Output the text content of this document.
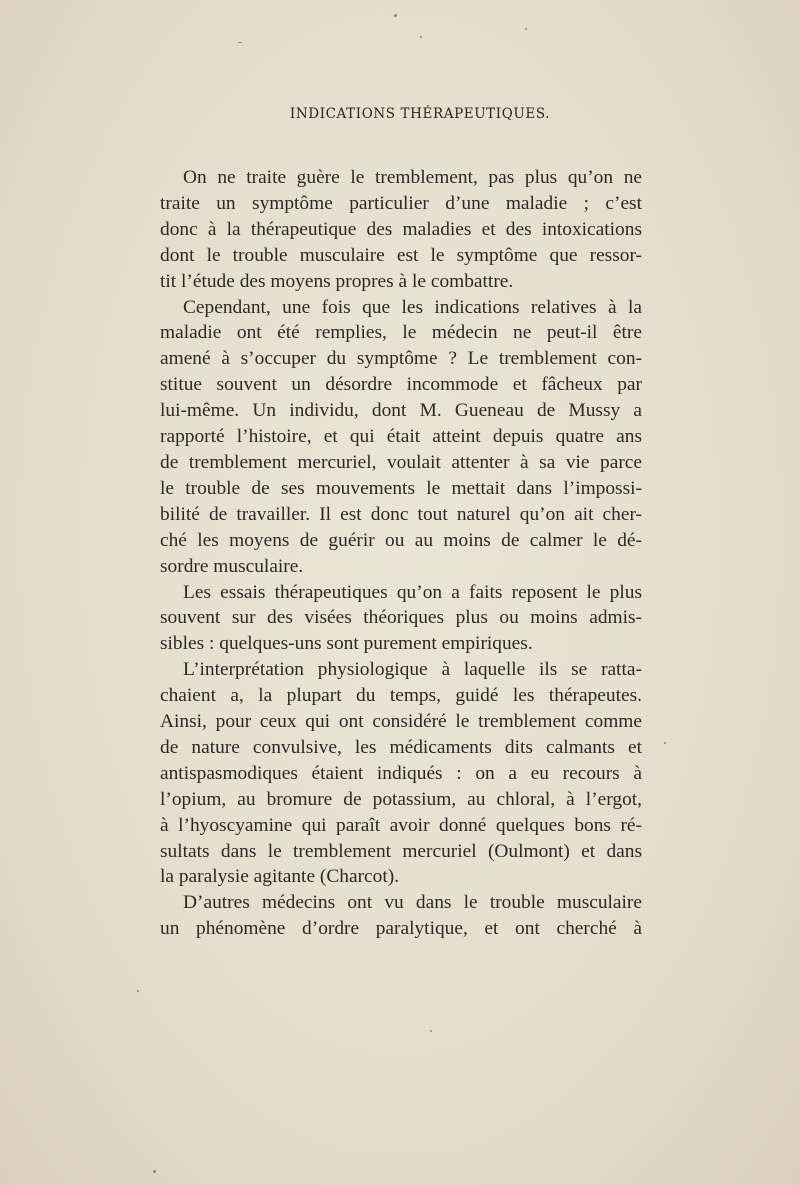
INDICATIONS THÉRAPEUTIQUES.
On ne traite guère le tremblement, pas plus qu’on ne
traite un symptôme particulier d’une maladie ; c’est
donc à la thérapeutique des maladies et des intoxications
dont le trouble musculaire est le symptôme que ressor-
tit l’étude des moyens propres à le combattre.
Cependant, une fois que les indications relatives à la
maladie ont été remplies, le médecin ne peut-il être
amené à s’occuper du symptôme ? Le tremblement con-
stitue souvent un désordre incommode et fâcheux par
lui-même. Un individu, dont M. Gueneau de Mussy a
rapporté l’histoire, et qui était atteint depuis quatre ans
de tremblement mercuriel, voulait attenter à sa vie parce
le trouble de ses mouvements le mettait dans l’impossi-
bilité de travailler. Il est donc tout naturel qu’on ait cher-
ché les moyens de guérir ou au moins de calmer le dé-
sordre musculaire.
Les essais thérapeutiques qu’on a faits reposent le plus
souvent sur des visées théoriques plus ou moins admis-
sibles : quelques-uns sont purement empiriques.
L’interprétation physiologique à laquelle ils se ratta-
chaient a, la plupart du temps, guidé les thérapeutes.
Ainsi, pour ceux qui ont considéré le tremblement comme
de nature convulsive, les médicaments dits calmants et
antispasmodiques étaient indiqués : on a eu recours à
l’opium, au bromure de potassium, au chloral, à l’ergot,
à l’hyoscyamine qui paraît avoir donné quelques bons ré-
sultats dans le tremblement mercuriel (Oulmont) et dans
la paralysie agitante (Charcot).
D’autres médecins ont vu dans le trouble musculaire
un phénomène d’ordre paralytique, et ont cherché à
